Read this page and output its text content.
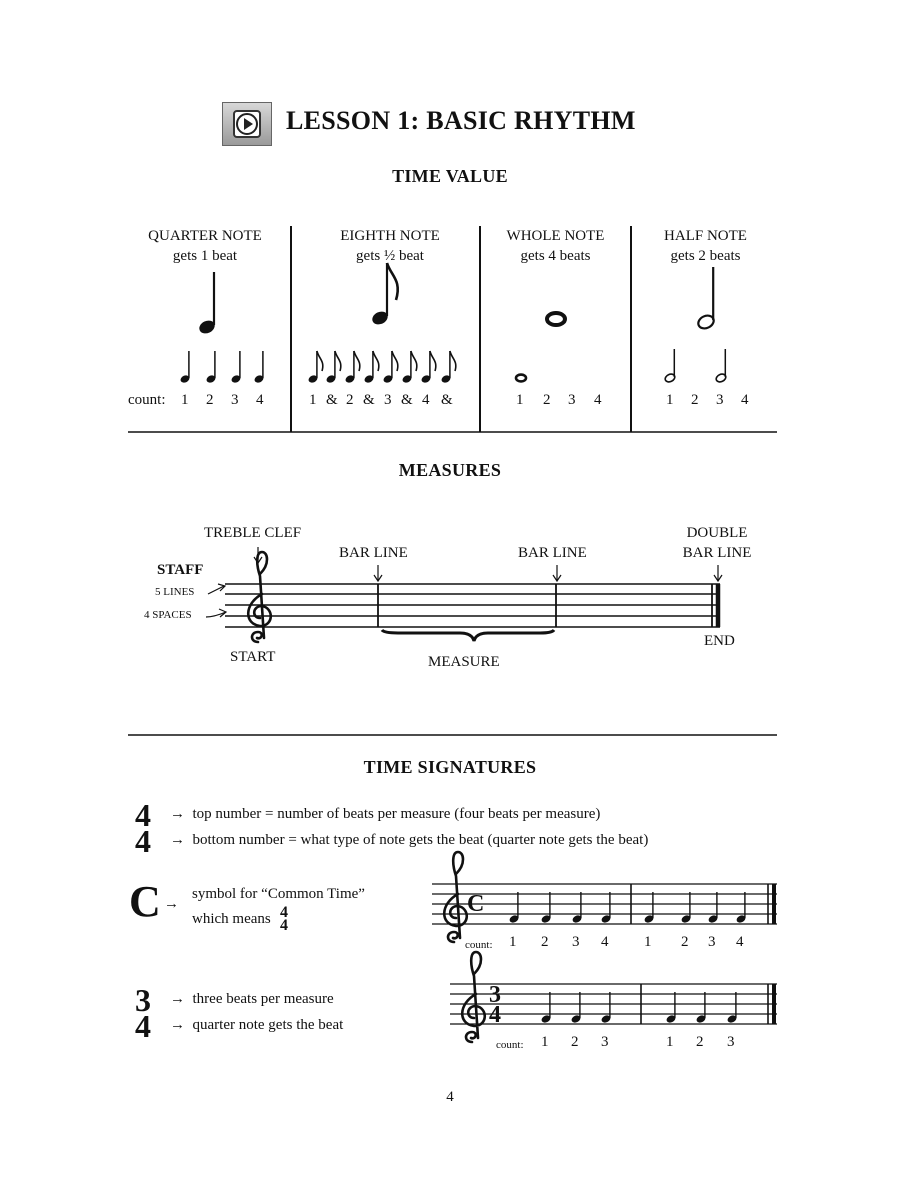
LESSON 1: BASIC RHYTHM
TIME VALUE
QUARTER NOTE
gets 1 beat
EIGHTH NOTE
gets ½ beat
WHOLE NOTE
gets 4 beats
HALF NOTE
gets 2 beats
count: 1 2 3 4	1 & 2 & 3 & 4 &	1 2 3 4	1 2 3 4
MEASURES
TREBLE CLEF
BAR LINE	BAR LINE
DOUBLE
BAR LINE
STAFF
5 LINES
4 SPACES
START	MEASURE
END
TIME SIGNATURES
4
4
→ top number = number of beats per measure (four beats per measure)
→ bottom number = what type of note gets the beat (quarter note gets the beat)
C →
symbol for “Common Time”
which means 4
4
C
count: 1 2 3 4 1 2 3 4
3
4
→ three beats per measure
→ quarter note gets the beat
3
4
count: 1 2 3	1 2 3
4
